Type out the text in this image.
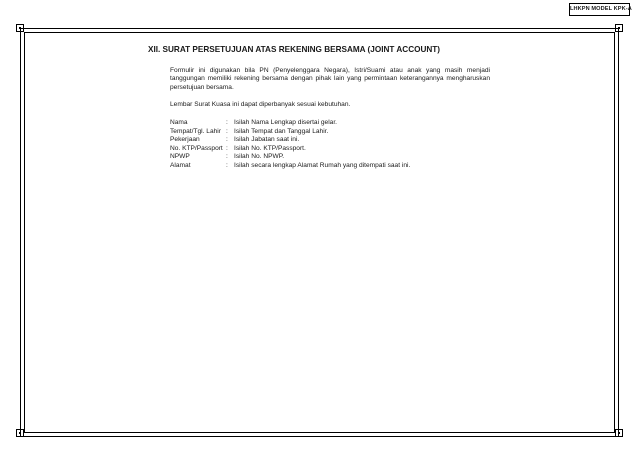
LHKPN MODEL KPK-A
XII. SURAT PERSETUJUAN ATAS REKENING BERSAMA (JOINT ACCOUNT)

Formulir ini digunakan bila PN (Penyelenggara Negara), Istri/Suami atau anak yang masih menjadi tanggungan memiliki rekening bersama dengan pihak lain yang permintaan keterangannya mengharuskan persetujuan bersama.

Lembar Surat Kuasa ini dapat diperbanyak sesuai kebutuhan.

Nama	: Isilah Nama Lengkap disertai gelar.
Tempat/Tgl. Lahir : Isilah Tempat dan Tanggal Lahir.
Pekerjaan	: Isilah Jabatan saat ini.
No. KTP/Passport : Isilah No. KTP/Passport.
NPWP	: Isilah No. NPWP.
Alamat	: Isilah secara lengkap Alamat Rumah yang ditempati saat ini.
